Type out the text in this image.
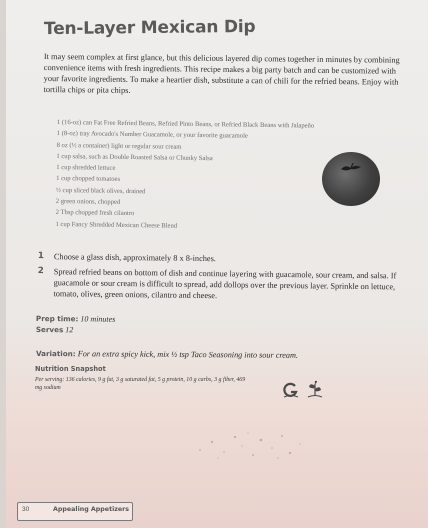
Ten-Layer Mexican Dip
It may seem complex at first glance, but this delicious layered dip comes together in minutes by combining convenience items with fresh ingredients. This recipe makes a big party batch and can be customized with your favorite ingredients. To make a heartier dish, substitute a can of chili for the refried beans. Enjoy with tortilla chips or pita chips.
1 (16-oz) can Fat Free Refried Beans, Refried Pinto Beans, or Refried Black Beans with Jalapeño
1 (8-oz) tray Avocado's Number Guacamole, or your favorite guacamole
8 oz (½ a container) light or regular sour cream
1 cup salsa, such as Double Roasted Salsa or Chunky Salsa
1 cup shredded lettuce
1 cup chopped tomatoes
½ cup sliced black olives, drained
2 green onions, chopped
2 Tbsp chopped fresh cilantro
1 cup Fancy Shredded Mexican Cheese Blend
1	Choose a glass dish, approximately 8 x 8-inches.
2	Spread refried beans on bottom of dish and continue layering with guacamole, sour cream, and salsa. If guacamole or sour cream is difficult to spread, add dollops over the previous layer. Sprinkle on lettuce, tomato, olives, green onions, cilantro and cheese.
Prep time: 10 minutes
Serves 12
Variation: For an extra spicy kick, mix ½ tsp Taco Seasoning into sour cream.
Nutrition Snapshot
Per serving: 136 calories, 9 g fat, 3 g saturated fat, 5 g protein, 10 g carbs, 3 g fiber, 469 mg sodium
30	Appealing Appetizers
